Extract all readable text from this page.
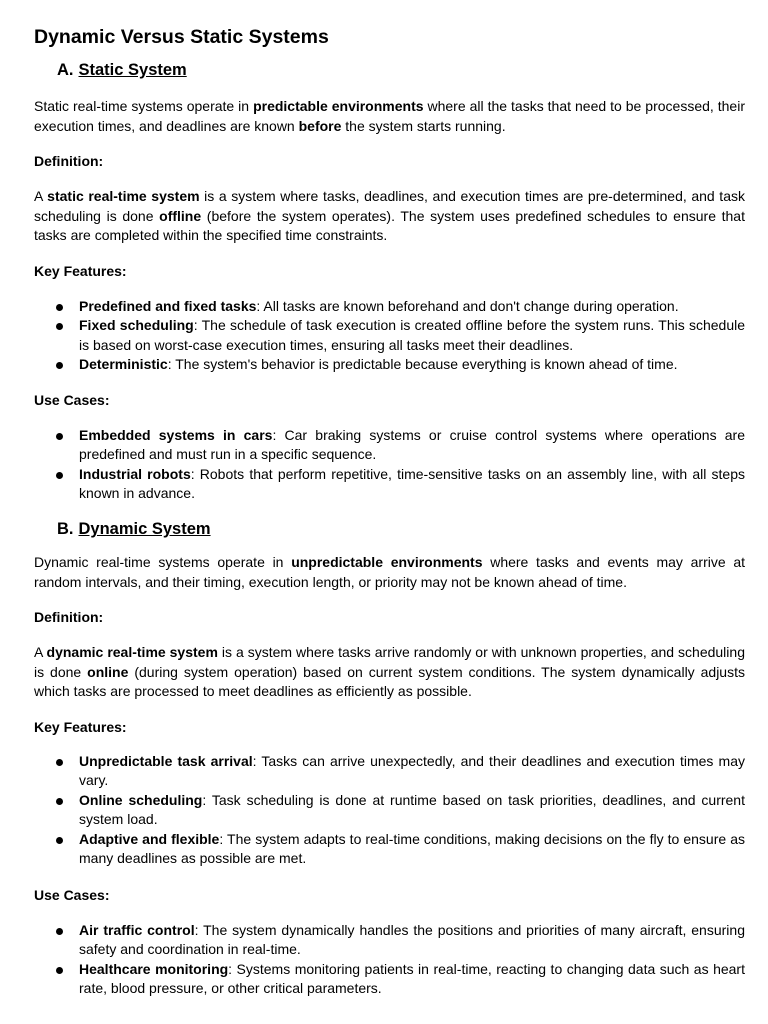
Dynamic Versus Static Systems
A. Static System

Static real-time systems operate in predictable environments where all the tasks that need to be processed, their execution times, and deadlines are known before the system starts running.

Definition:

A static real-time system is a system where tasks, deadlines, and execution times are pre-determined, and task scheduling is done offline (before the system operates). The system uses predefined schedules to ensure that tasks are completed within the specified time constraints.

Key Features:

Predefined and fixed tasks: All tasks are known beforehand and don't change during operation.
Fixed scheduling: The schedule of task execution is created offline before the system runs. This schedule is based on worst-case execution times, ensuring all tasks meet their deadlines.
Deterministic: The system's behavior is predictable because everything is known ahead of time.

Use Cases:

Embedded systems in cars: Car braking systems or cruise control systems where operations are predefined and must run in a specific sequence.
Industrial robots: Robots that perform repetitive, time-sensitive tasks on an assembly line, with all steps known in advance.
B. Dynamic System

Dynamic real-time systems operate in unpredictable environments where tasks and events may arrive at random intervals, and their timing, execution length, or priority may not be known ahead of time.

Definition:

A dynamic real-time system is a system where tasks arrive randomly or with unknown properties, and scheduling is done online (during system operation) based on current system conditions. The system dynamically adjusts which tasks are processed to meet deadlines as efficiently as possible.

Key Features:

Unpredictable task arrival: Tasks can arrive unexpectedly, and their deadlines and execution times may vary.
Online scheduling: Task scheduling is done at runtime based on task priorities, deadlines, and current system load.
Adaptive and flexible: The system adapts to real-time conditions, making decisions on the fly to ensure as many deadlines as possible are met.

Use Cases:

Air traffic control: The system dynamically handles the positions and priorities of many aircraft, ensuring safety and coordination in real-time.
Healthcare monitoring: Systems monitoring patients in real-time, reacting to changing data such as heart rate, blood pressure, or other critical parameters.
